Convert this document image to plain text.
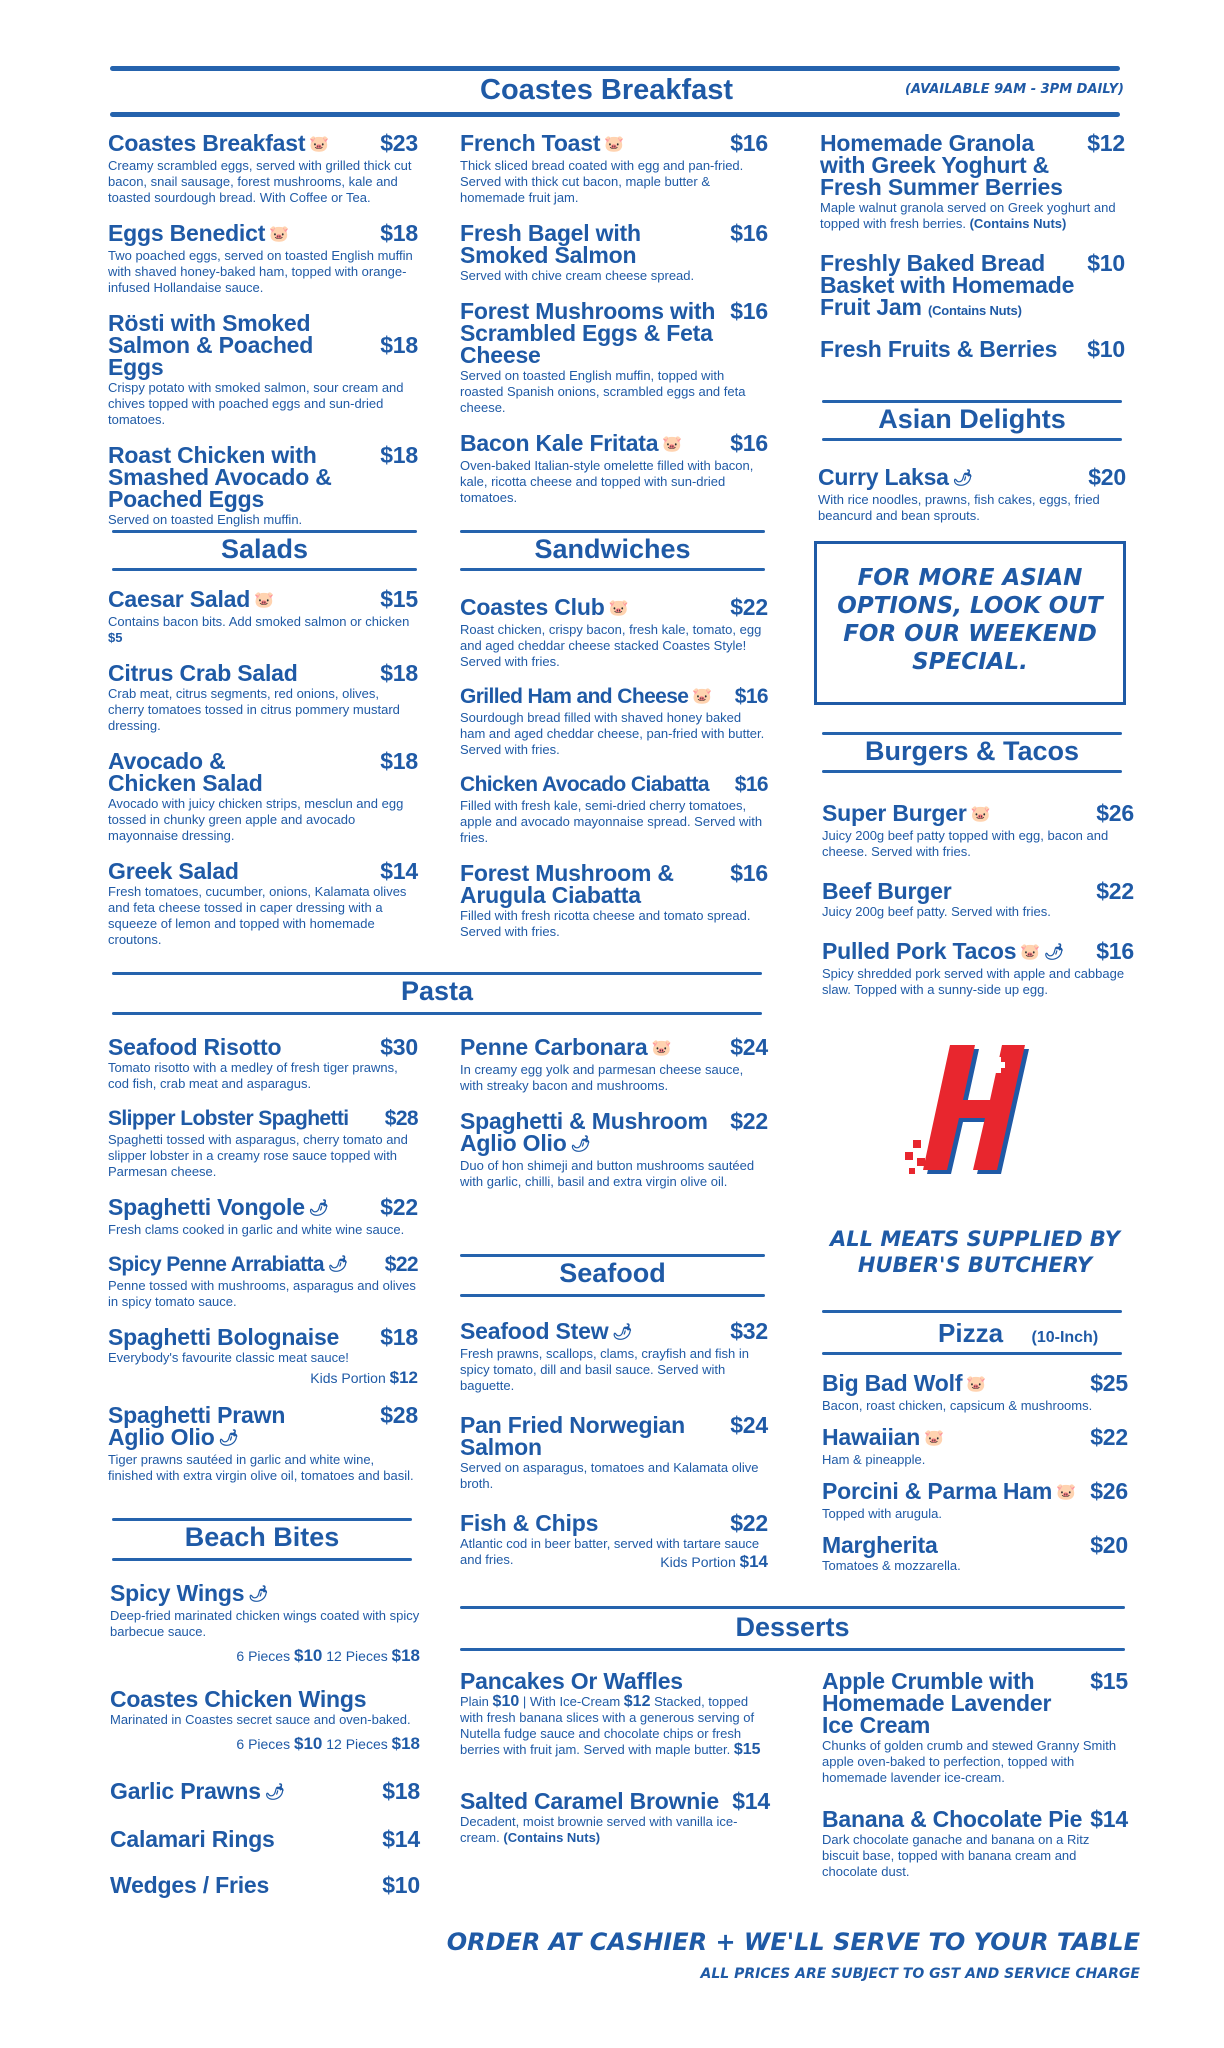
Coastes Breakfast	(AVAILABLE 9AM - 3PM DAILY)
Coastes Breakfast 🐷	$23
Creamy scrambled eggs, served with grilled thick cut bacon, snail sausage, forest mushrooms, kale and toasted sourdough bread. With Coffee or Tea.
Eggs Benedict 🐷	$18
Two poached eggs, served on toasted English muffin with shaved honey-baked ham, topped with orange-infused Hollandaise sauce.
Rösti with Smoked Salmon & Poached Eggs
$18
Crispy potato with smoked salmon, sour cream and chives topped with poached eggs and sun-dried tomatoes.
Roast Chicken with Smashed Avocado & Poached Eggs
$18
Served on toasted English muffin.
French Toast 🐷	$16
Thick sliced bread coated with egg and pan-fried. Served with thick cut bacon, maple butter & homemade fruit jam.
Fresh Bagel with Smoked Salmon
$16
Served with chive cream cheese spread.
Forest Mushrooms with Scrambled Eggs & Feta Cheese
$16
Served on toasted English muffin, topped with roasted Spanish onions, scrambled eggs and feta cheese.
Bacon Kale Fritata 🐷	$16
Oven-baked Italian-style omelette filled with bacon, kale, ricotta cheese and topped with sun-dried tomatoes.
Homemade Granola with Greek Yoghurt & Fresh Summer Berries
$12
Maple walnut granola served on Greek yoghurt and topped with fresh berries. (Contains Nuts)
Freshly Baked Bread Basket with Homemade Fruit Jam (Contains Nuts)
$10
Fresh Fruits & Berries	$10
Asian Delights
Curry Laksa 🌶	$20
With rice noodles, prawns, fish cakes, eggs, fried beancurd and bean sprouts.
FOR MORE ASIAN OPTIONS, LOOK OUT FOR OUR WEEKEND SPECIAL.
Salads
Caesar Salad 🐷	$15
Contains bacon bits. Add smoked salmon or chicken $5
Citrus Crab Salad	$18
Crab meat, citrus segments, red onions, olives, cherry tomatoes tossed in citrus pommery mustard dressing.
Avocado & Chicken Salad
$18
Avocado with juicy chicken strips, mesclun and egg tossed in chunky green apple and avocado mayonnaise dressing.
Greek Salad	$14
Fresh tomatoes, cucumber, onions, Kalamata olives and feta cheese tossed in caper dressing with a squeeze of lemon and topped with homemade croutons.
Sandwiches
Coastes Club 🐷	$22
Roast chicken, crispy bacon, fresh kale, tomato, egg and aged cheddar cheese stacked Coastes Style! Served with fries.
Grilled Ham and Cheese 🐷	$16
Sourdough bread filled with shaved honey baked ham and aged cheddar cheese, pan-fried with butter. Served with fries.
Chicken Avocado Ciabatta	$16
Filled with fresh kale, semi-dried cherry tomatoes, apple and avocado mayonnaise spread. Served with fries.
Forest Mushroom & Arugula Ciabatta
$16
Filled with fresh ricotta cheese and tomato spread. Served with fries.
Burgers & Tacos
Super Burger 🐷	$26
Juicy 200g beef patty topped with egg, bacon and cheese. Served with fries.
Beef Burger	$22
Juicy 200g beef patty. Served with fries.
Pulled Pork Tacos 🐷 🌶	$16
Spicy shredded pork served with apple and cabbage slaw. Topped with a sunny-side up egg.
Pasta
Seafood Risotto	$30
Tomato risotto with a medley of fresh tiger prawns, cod fish, crab meat and asparagus.
Slipper Lobster Spaghetti	$28
Spaghetti tossed with asparagus, cherry tomato and slipper lobster in a creamy rose sauce topped with Parmesan cheese.
Spaghetti Vongole 🌶	$22
Fresh clams cooked in garlic and white wine sauce.
Spicy Penne Arrabiatta 🌶	$22
Penne tossed with mushrooms, asparagus and olives in spicy tomato sauce.
Spaghetti Bolognaise	$18
Everybody's favourite classic meat sauce!
Kids Portion $12
Spaghetti Prawn Aglio Olio 🌶
$28
Tiger prawns sautéed in garlic and white wine, finished with extra virgin olive oil, tomatoes and basil.
Penne Carbonara 🐷	$24
In creamy egg yolk and parmesan cheese sauce, with streaky bacon and mushrooms.
Spaghetti & Mushroom Aglio Olio 🌶
$22
Duo of hon shimeji and button mushrooms sautéed with garlic, chilli, basil and extra virgin olive oil.
ALL MEATS SUPPLIED BY HUBER'S BUTCHERY
Seafood
Seafood Stew 🌶	$32
Fresh prawns, scallops, clams, crayfish and fish in spicy tomato, dill and basil sauce. Served with baguette.
Pan Fried Norwegian Salmon
$24
Served on asparagus, tomatoes and Kalamata olive broth.
Fish & Chips	$22
Atlantic cod in beer batter, served with tartare sauce and fries.	Kids Portion $14
Pizza (10-Inch)
Big Bad Wolf 🐷	$25
Bacon, roast chicken, capsicum & mushrooms.
Hawaiian 🐷	$22
Ham & pineapple.
Porcini & Parma Ham 🐷 $26
Topped with arugula.
Margherita	$20
Tomatoes & mozzarella.
Beach Bites
Spicy Wings 🌶
Deep-fried marinated chicken wings coated with spicy barbecue sauce.
6 Pieces $10 12 Pieces $18
Coastes Chicken Wings
Marinated in Coastes secret sauce and oven-baked.
6 Pieces $10 12 Pieces $18
Garlic Prawns 🌶	$18
Calamari Rings	$14
Wedges / Fries	$10
Desserts
Pancakes Or Waffles
Plain $10 | With Ice-Cream $12 Stacked, topped with fresh banana slices with a generous serving of Nutella fudge sauce and chocolate chips or fresh berries with fruit jam. Served with maple butter. $15
Salted Caramel Brownie $14
Decadent, moist brownie served with vanilla ice-cream. (Contains Nuts)
Apple Crumble with Homemade Lavender Ice Cream
$15
Chunks of golden crumb and stewed Granny Smith apple oven-baked to perfection, topped with homemade lavender ice-cream.
Banana & Chocolate Pie $14
Dark chocolate ganache and banana on a Ritz biscuit base, topped with banana cream and chocolate dust.
ORDER AT CASHIER + WE'LL SERVE TO YOUR TABLE
ALL PRICES ARE SUBJECT TO GST AND SERVICE CHARGE
